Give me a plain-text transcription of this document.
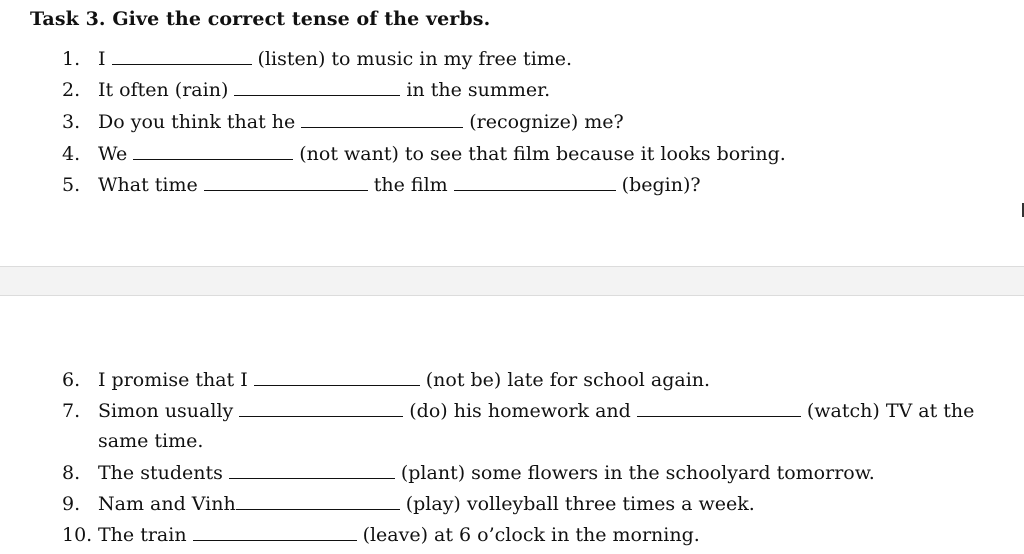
Task 3. Give the correct tense of the verbs.
1. I	(listen) to music in my free time.
2. It often (rain)	in the summer.
3. Do you think that he	(recognize) me?
4. We	(not want) to see that film because it looks boring.
5. What time	the film	(begin)?
6. I promise that I	(not be) late for school again.
7. Simon usually	(do) his homework and	(watch) TV at the
same time.
8. The students	(plant) some flowers in the schoolyard tomorrow.
9. Nam and Vinh	(play) volleyball three times a week.
10. The train	(leave) at 6 o’clock in the morning.
